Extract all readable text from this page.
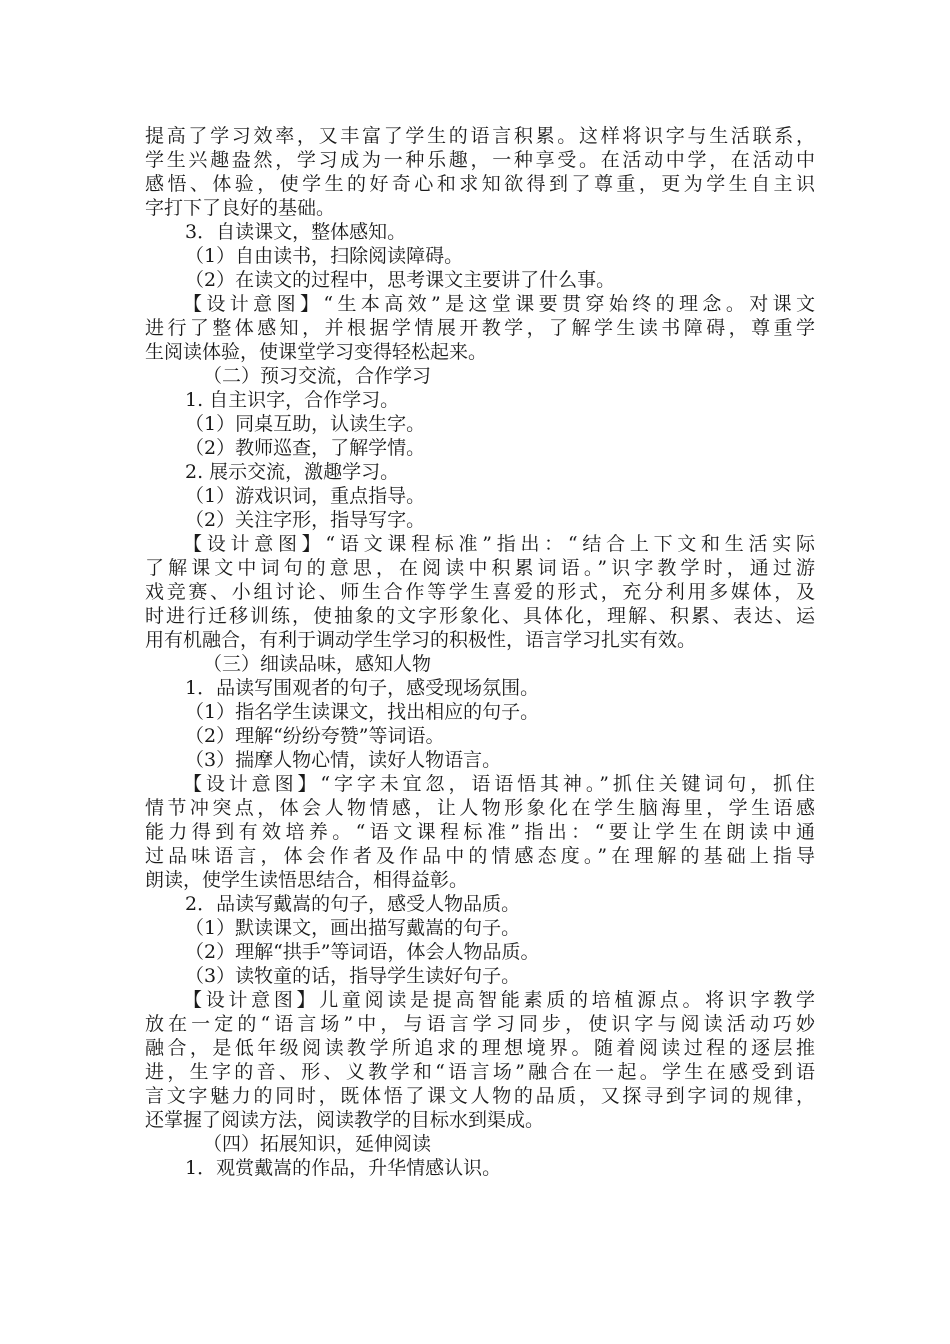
提高了学习效率，又丰富了学生的语言积累。这样将识字与生活联系，
学生兴趣盎然，学习成为一种乐趣，一种享受。在活动中学，在活动中
感悟、体验，使学生的好奇心和求知欲得到了尊重，更为学生自主识
字打下了良好的基础。
3．自读课文，整体感知。
（1）自由读书，扫除阅读障碍。
（2）在读文的过程中，思考课文主要讲了什么事。
【设计意图】“生本高效”是这堂课要贯穿始终的理念。对课文
进行了整体感知，并根据学情展开教学，了解学生读书障碍，尊重学
生阅读体验，使课堂学习变得轻松起来。
（二）预习交流，合作学习
1. 自主识字，合作学习。
（1）同桌互助，认读生字。
（2）教师巡查，了解学情。
2. 展示交流，激趣学习。
（1）游戏识词，重点指导。
（2）关注字形，指导写字。
【设计意图】“语文课程标准”指出：“结合上下文和生活实际
了解课文中词句的意思，在阅读中积累词语。”识字教学时，通过游
戏竞赛、小组讨论、师生合作等学生喜爱的形式，充分利用多媒体，及
时进行迁移训练，使抽象的文字形象化、具体化，理解、积累、表达、运
用有机融合，有利于调动学生学习的积极性，语言学习扎实有效。
（三）细读品味，感知人物
1．品读写围观者的句子，感受现场氛围。
（1）指名学生读课文，找出相应的句子。
（2）理解“纷纷夸赞”等词语。
（3）揣摩人物心情，读好人物语言。
【设计意图】“字字未宜忽，语语悟其神。”抓住关键词句，抓住
情节冲突点，体会人物情感，让人物形象化在学生脑海里，学生语感
能力得到有效培养。“语文课程标准”指出：“要让学生在朗读中通
过品味语言，体会作者及作品中的情感态度。”在理解的基础上指导
朗读，使学生读悟思结合，相得益彰。
2．品读写戴嵩的句子，感受人物品质。
（1）默读课文，画出描写戴嵩的句子。
（2）理解“拱手”等词语，体会人物品质。
（3）读牧童的话，指导学生读好句子。
【设计意图】儿童阅读是提高智能素质的培植源点。将识字教学
放在一定的“语言场”中，与语言学习同步，使识字与阅读活动巧妙
融合，是低年级阅读教学所追求的理想境界。随着阅读过程的逐层推
进，生字的音、形、义教学和“语言场”融合在一起。学生在感受到语
言文字魅力的同时，既体悟了课文人物的品质，又探寻到字词的规律，
还掌握了阅读方法，阅读教学的目标水到渠成。
（四）拓展知识，延伸阅读
1．观赏戴嵩的作品，升华情感认识。
